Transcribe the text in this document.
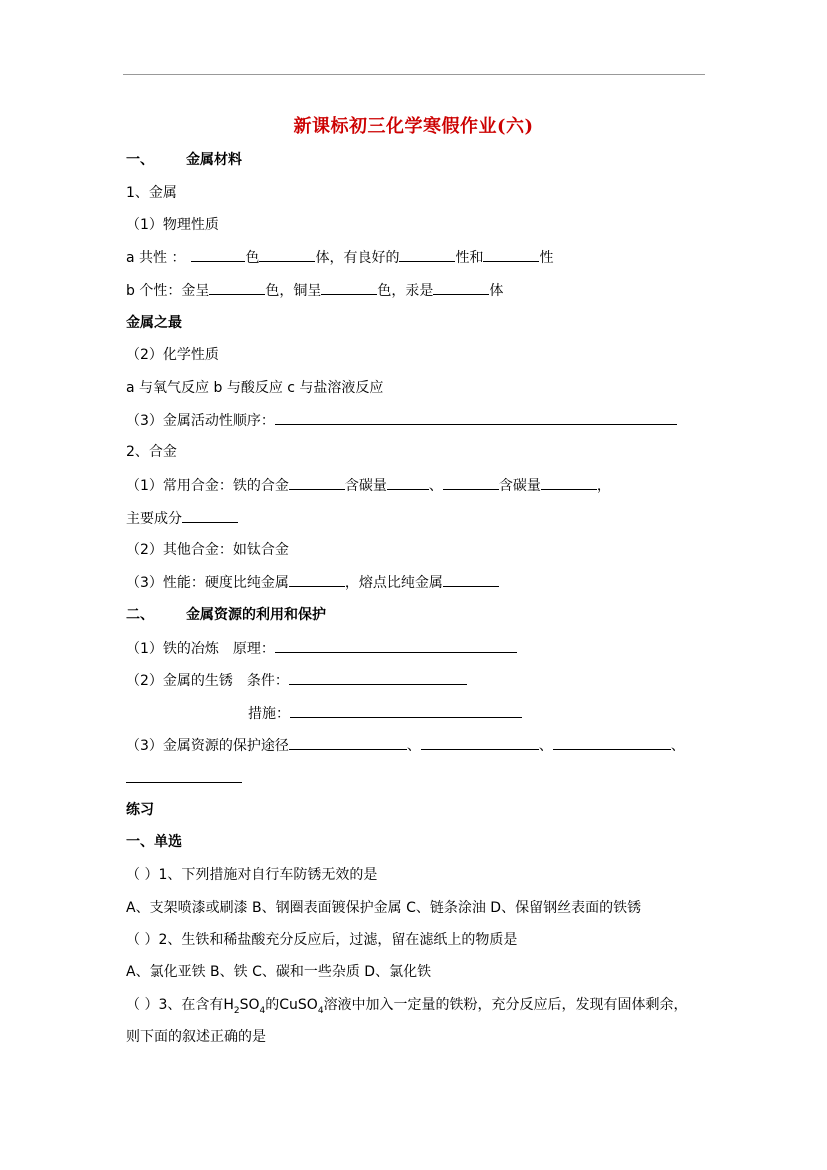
新课标初三化学寒假作业(六)
一、 金属材料
1、金属
（1）物理性质
a 共性 ：	色	体，有良好的	性和	性
b 个性：金呈	色，铜呈	色，汞是	体
金属之最
（2）化学性质
a 与氧气反应 b 与酸反应 c 与盐溶液反应
（3）金属活动性顺序：
2、合金
（1）常用合金：铁的合金	含碳量	、	含碳量	，
主要成分
（2）其他合金：如钛合金
（3）性能：硬度比纯金属	，熔点比纯金属
二、 金属资源的利用和保护
（1）铁的冶炼 原理：
（2）金属的生锈 条件：
措施：
（3）金属资源的保护途径	、	、	、
练习
一、单选
（ ）1、下列措施对自行车防锈无效的是
A、支架喷漆或刷漆 B、钢圈表面镀保护金属 C、链条涂油 D、保留钢丝表面的铁锈
（ ）2、生铁和稀盐酸充分反应后，过滤，留在滤纸上的物质是
A、氯化亚铁 B、铁 C、碳和一些杂质 D、氯化铁
（ ）3、在含有$H_2SO_4$的CuSO$_4$溶液中加入一定量的铁粉，充分反应后，发现有固体剩余，
则下面的叙述正确的是
